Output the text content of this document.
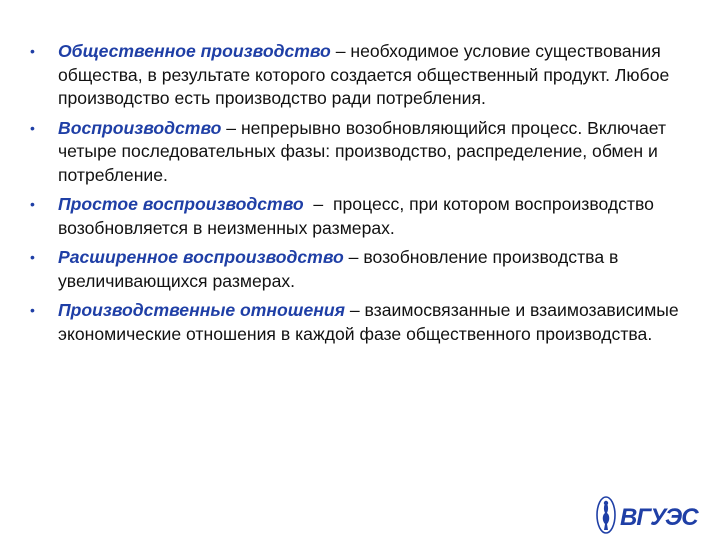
•	Общественное производство – необходимое условие существования общества, в результате которого создается общественный продукт. Любое производство есть производство ради потребления.
•	Воспроизводство – непрерывно возобновляющийся процесс. Включает четыре последовательных фазы: производство, распределение, обмен и потребление.
•	Простое воспроизводство  –  процесс, при котором воспроизводство возобновляется в неизменных размерах.
•	Расширенное воспроизводство – возобновление производства в увеличивающихся размерах.
•	Производственные отношения – взаимосвязанные и взаимозависимые экономические отношения в каждой фазе общественного производства.
ВГУЭС
